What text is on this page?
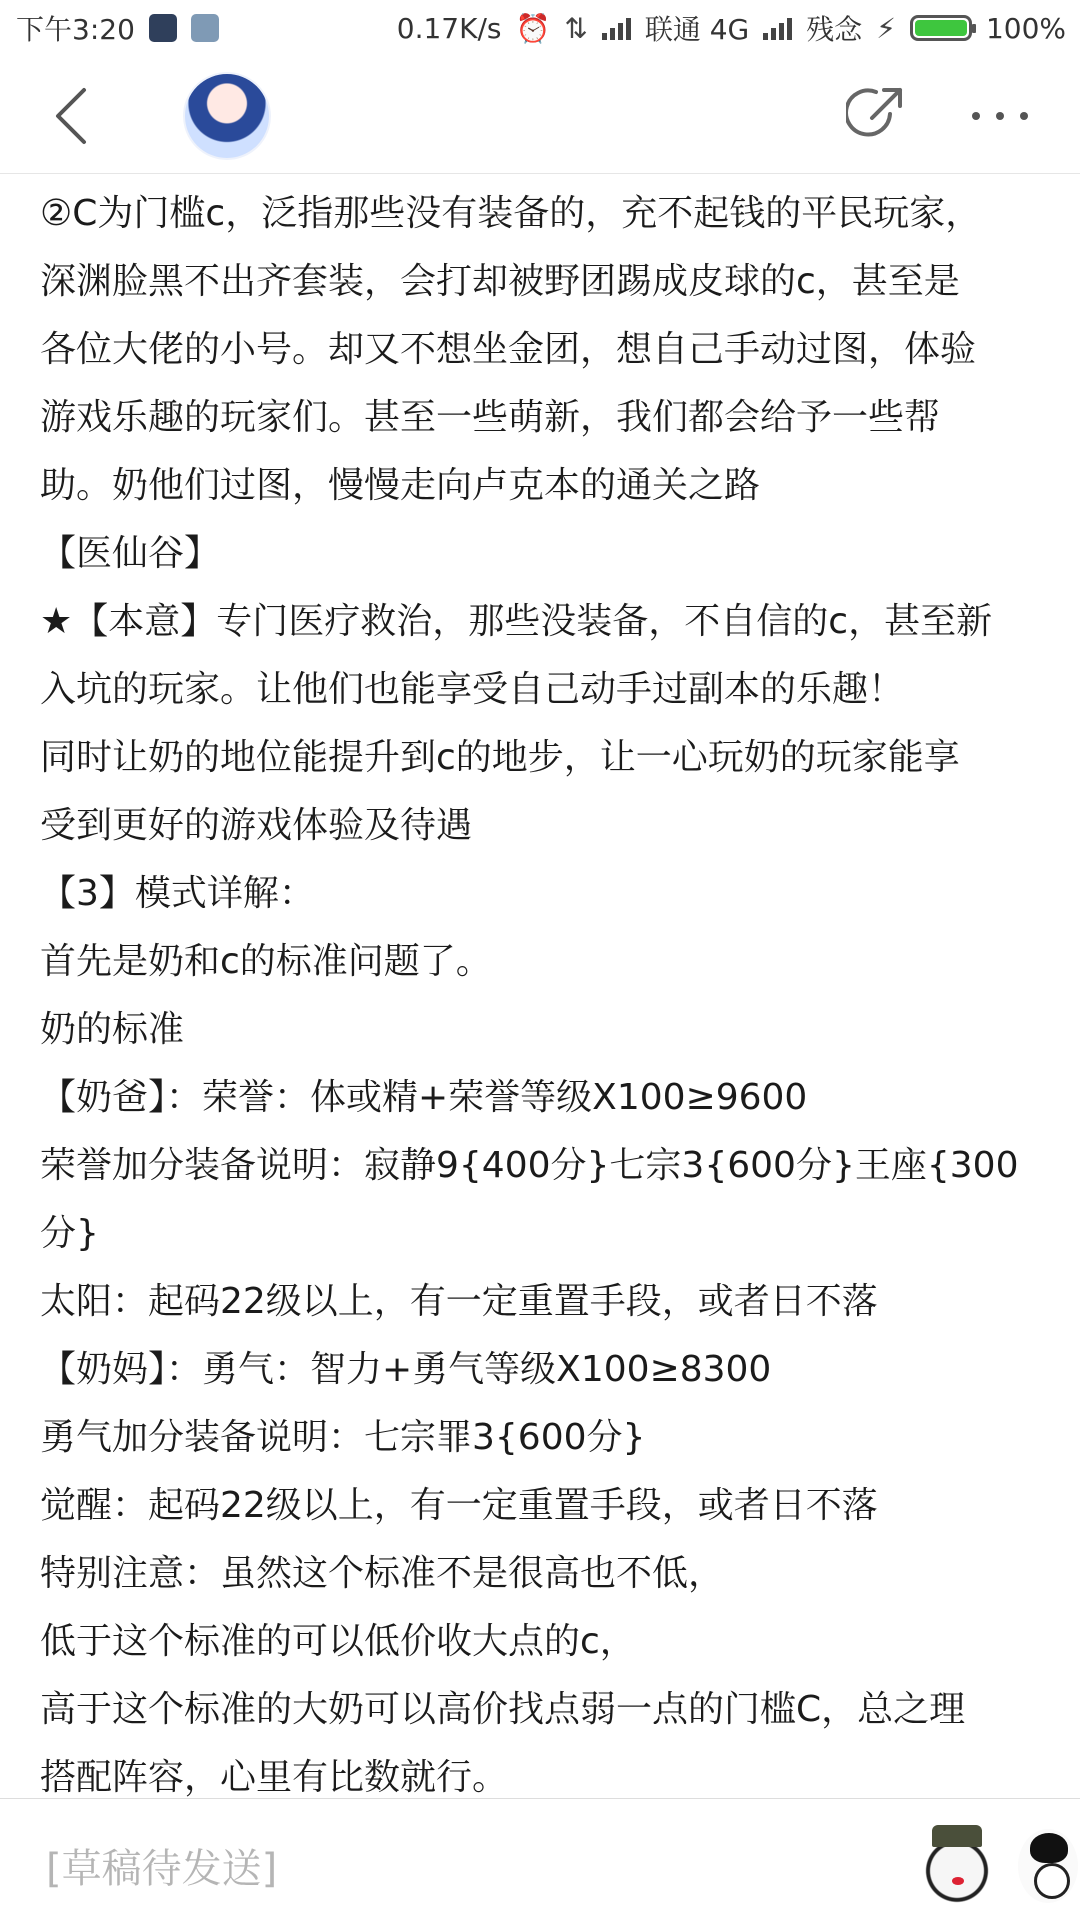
下午3:20	0.17K/s ⏰ ⇅ 联通 4G 残念 ⚡	100%
②C为门槛c，泛指那些没有装备的，充不起钱的平民玩家，
深渊脸黑不出齐套装，会打却被野团踢成皮球的c，甚至是
各位大佬的小号。却又不想坐金团，想自己手动过图，体验
游戏乐趣的玩家们。甚至一些萌新，我们都会给予一些帮
助。奶他们过图，慢慢走向卢克本的通关之路
【医仙谷】
★【本意】专门医疗救治，那些没装备，不自信的c，甚至新
入坑的玩家。让他们也能享受自己动手过副本的乐趣！
同时让奶的地位能提升到c的地步，让一心玩奶的玩家能享
受到更好的游戏体验及待遇
【3】模式详解：
首先是奶和c的标准问题了。
奶的标准
【奶爸】：荣誉：体或精+荣誉等级X100≥9600
荣誉加分装备说明：寂静9{400分}七宗3{600分}王座{300
分}
太阳：起码22级以上，有一定重置手段，或者日不落
【奶妈】：勇气：智力+勇气等级X100≥8300
勇气加分装备说明：七宗罪3{600分}
觉醒：起码22级以上，有一定重置手段，或者日不落
特别注意：虽然这个标准不是很高也不低，
低于这个标准的可以低价收大点的c，
高于这个标准的大奶可以高价找点弱一点的门槛C，总之理
搭配阵容，心里有比数就行。
[草稿待发送]
